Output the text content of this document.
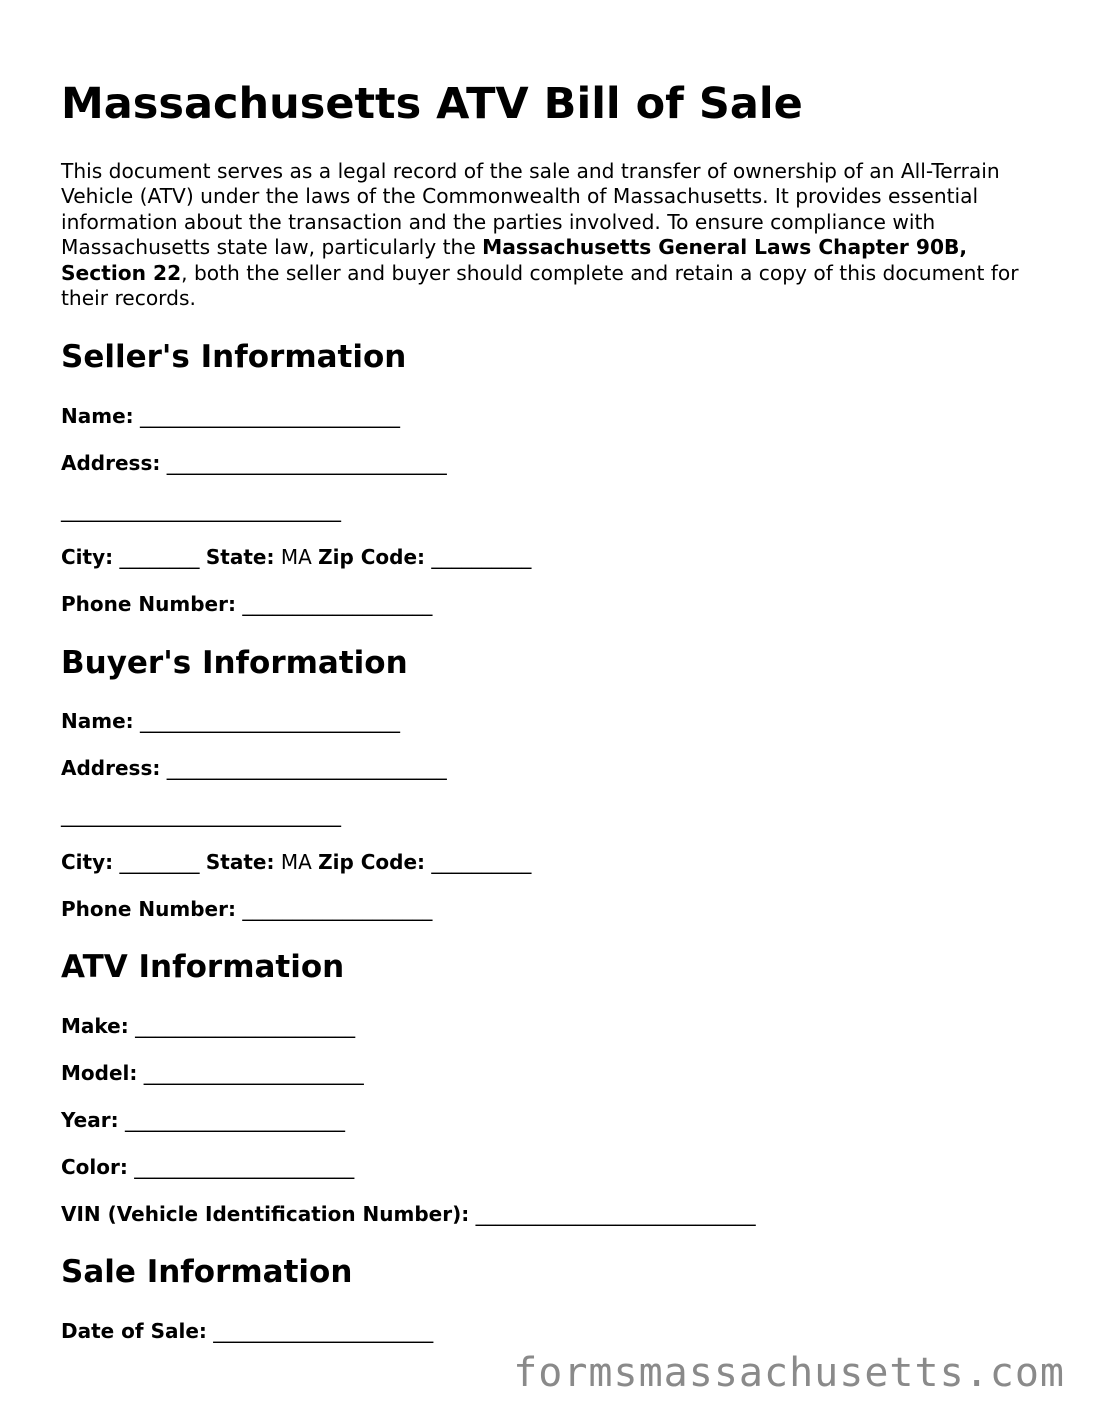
Massachusetts ATV Bill of Sale

This document serves as a legal record of the sale and transfer of ownership of an All-Terrain Vehicle (ATV) under the laws of the Commonwealth of Massachusetts. It provides essential information about the transaction and the parties involved. To ensure compliance with Massachusetts state law, particularly the Massachusetts General Laws Chapter 90B, Section 22, both the seller and buyer should complete and retain a copy of this document for their records.

Seller's Information
Name: __________________________
Address: ____________________________
____________________________
City: ________ State: MA Zip Code: __________
Phone Number: ___________________
Buyer's Information
Name: __________________________
Address: ____________________________
____________________________
City: ________ State: MA Zip Code: __________
Phone Number: ___________________
ATV Information
Make: ______________________
Model: ______________________
Year: ______________________
Color: ______________________
VIN (Vehicle Identification Number): ____________________________
Sale Information
Date of Sale: ______________________
formsmassachusetts.com
